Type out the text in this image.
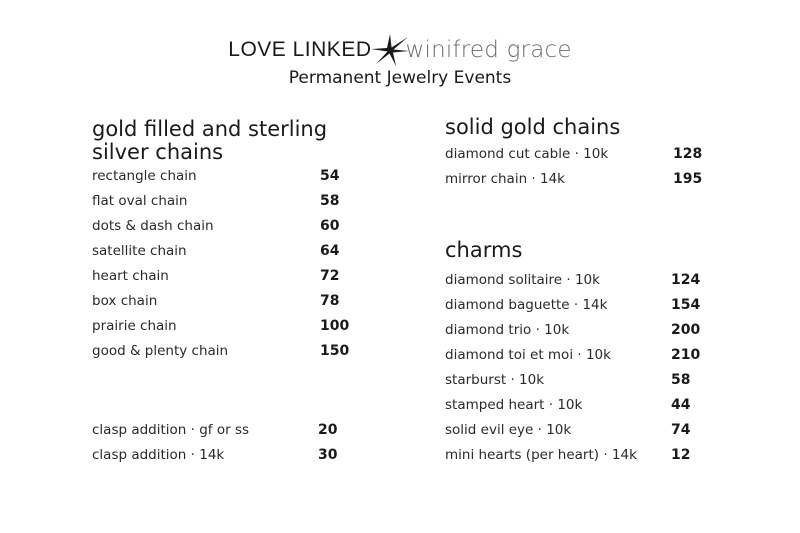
LOVE LINKED winifred grace
Permanent Jewelry Events
gold filled and sterling silver chains
rectangle chain	54
flat oval chain	58
dots & dash chain	60
satellite chain	64
heart chain	72
box chain	78
prairie chain	100
good & plenty chain	150
clasp addition · gf or ss	20
clasp addition · 14k	30
solid gold chains
diamond cut cable · 10k	128
mirror chain · 14k	195
charms
diamond solitaire · 10k	124
diamond baguette · 14k	154
diamond trio · 10k	200
diamond toi et moi · 10k	210
starburst · 10k	58
stamped heart · 10k	44
solid evil eye · 10k	74
mini hearts (per heart) · 14k 12
